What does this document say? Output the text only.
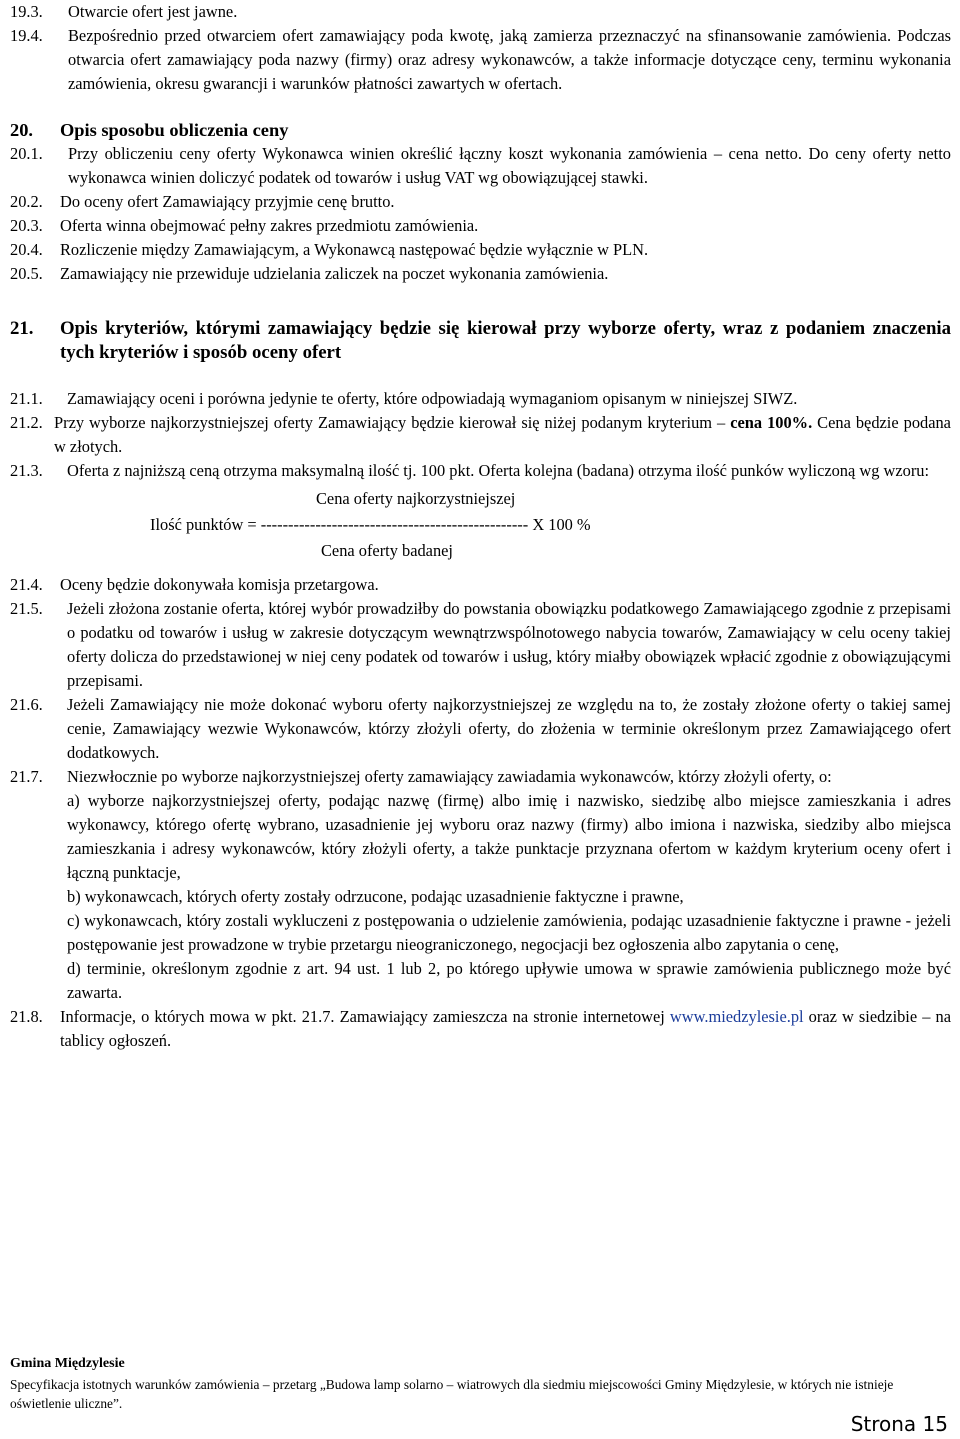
19.3.	Otwarcie ofert jest jawne.
19.4.	Bezpośrednio przed otwarciem ofert zamawiający poda kwotę, jaką zamierza przeznaczyć na sfinansowanie zamówienia. Podczas otwarcia ofert zamawiający poda nazwy (firmy) oraz adresy wykonawców, a także informacje dotyczące ceny, terminu wykonania zamówienia, okresu gwarancji i warunków płatności zawartych w ofertach.
20.	Opis sposobu obliczenia ceny
20.1.	Przy obliczeniu ceny oferty Wykonawca winien określić łączny koszt wykonania zamówienia – cena netto. Do ceny oferty netto wykonawca winien doliczyć podatek od towarów i usług VAT wg obowiązującej stawki.
20.2.	Do oceny ofert Zamawiający przyjmie cenę brutto.
20.3.	Oferta winna obejmować pełny zakres przedmiotu zamówienia.
20.4.	Rozliczenie między Zamawiającym, a Wykonawcą następować będzie wyłącznie w PLN.
20.5.	Zamawiający nie przewiduje udzielania zaliczek na poczet wykonania zamówienia.
21.	Opis kryteriów, którymi zamawiający będzie się kierował przy wyborze oferty, wraz z podaniem znaczenia tych kryteriów i sposób oceny ofert
21.1.	Zamawiający oceni i porówna jedynie te oferty, które odpowiadają wymaganiom opisanym w niniejszej SIWZ.
21.2. Przy wyborze najkorzystniejszej oferty Zamawiający będzie kierował się niżej podanym kryterium – cena 100%. Cena będzie podana w złotych.
21.3.	Oferta z najniższą ceną otrzyma maksymalną ilość tj. 100 pkt. Oferta kolejna (badana) otrzyma ilość punków wyliczoną wg wzoru:
Cena oferty najkorzystniejszej
Ilość punktów = ------------------------------------------------- X 100 %
Cena oferty badanej
21.4.	Oceny będzie dokonywała komisja przetargowa.
21.5.	Jeżeli złożona zostanie oferta, której wybór prowadziłby do powstania obowiązku podatkowego Zamawiającego zgodnie z przepisami o podatku od towarów i usług w zakresie dotyczącym wewnątrzwspólnotowego nabycia towarów, Zamawiający w celu oceny takiej oferty dolicza do przedstawionej w niej ceny podatek od towarów i usług, który miałby obowiązek wpłacić zgodnie z obowiązującymi przepisami.
21.6.	Jeżeli Zamawiający nie może dokonać wyboru oferty najkorzystniejszej ze względu na to, że zostały złożone oferty o takiej samej cenie, Zamawiający wezwie Wykonawców, którzy złożyli oferty, do złożenia w terminie określonym przez Zamawiającego ofert dodatkowych.
21.7.	Niezwłocznie po wyborze najkorzystniejszej oferty zamawiający zawiadamia wykonawców, którzy złożyli oferty, o:
a) wyborze najkorzystniejszej oferty, podając nazwę (firmę) albo imię i nazwisko, siedzibę albo miejsce zamieszkania i adres wykonawcy, którego ofertę wybrano, uzasadnienie jej wyboru oraz nazwy (firmy) albo imiona i nazwiska, siedziby albo miejsca zamieszkania i adresy wykonawców, który złożyli oferty, a także punktacje przyznana ofertom w każdym kryterium oceny ofert i łączną punktacje,
b) wykonawcach, których oferty zostały odrzucone, podając uzasadnienie faktyczne i prawne,
c) wykonawcach, który zostali wykluczeni z postępowania o udzielenie zamówienia, podając uzasadnienie faktyczne i prawne - jeżeli postępowanie jest prowadzone w trybie przetargu nieograniczonego, negocjacji bez ogłoszenia albo zapytania o cenę,
d) terminie, określonym zgodnie z art. 94 ust. 1 lub 2, po którego upływie umowa w sprawie zamówienia publicznego może być zawarta.
21.8.	Informacje, o których mowa w pkt. 21.7. Zamawiający zamieszcza na stronie internetowej www.miedzylesie.pl oraz w siedzibie – na tablicy ogłoszeń.
Gmina Międzylesie
Specyfikacja istotnych warunków zamówienia – przetarg „Budowa lamp solarno – wiatrowych dla siedmiu miejscowości Gminy Międzylesie, w których nie istnieje oświetlenie uliczne”.
Strona 15
